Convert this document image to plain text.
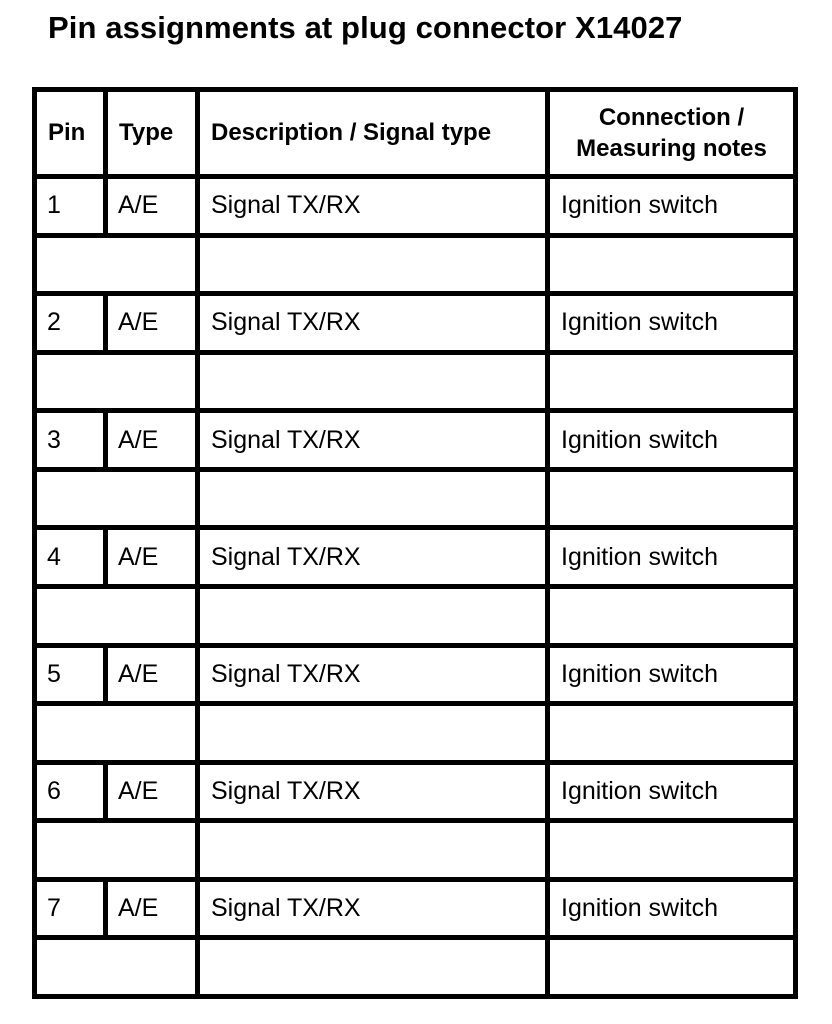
Pin assignments at plug connector X14027
Pin	Type	Description / Signal type	Connection /
Measuring notes
1	A/E	Signal TX/RX	Ignition switch

2	A/E	Signal TX/RX	Ignition switch

3	A/E	Signal TX/RX	Ignition switch

4	A/E	Signal TX/RX	Ignition switch

5	A/E	Signal TX/RX	Ignition switch

6	A/E	Signal TX/RX	Ignition switch

7	A/E	Signal TX/RX	Ignition switch
